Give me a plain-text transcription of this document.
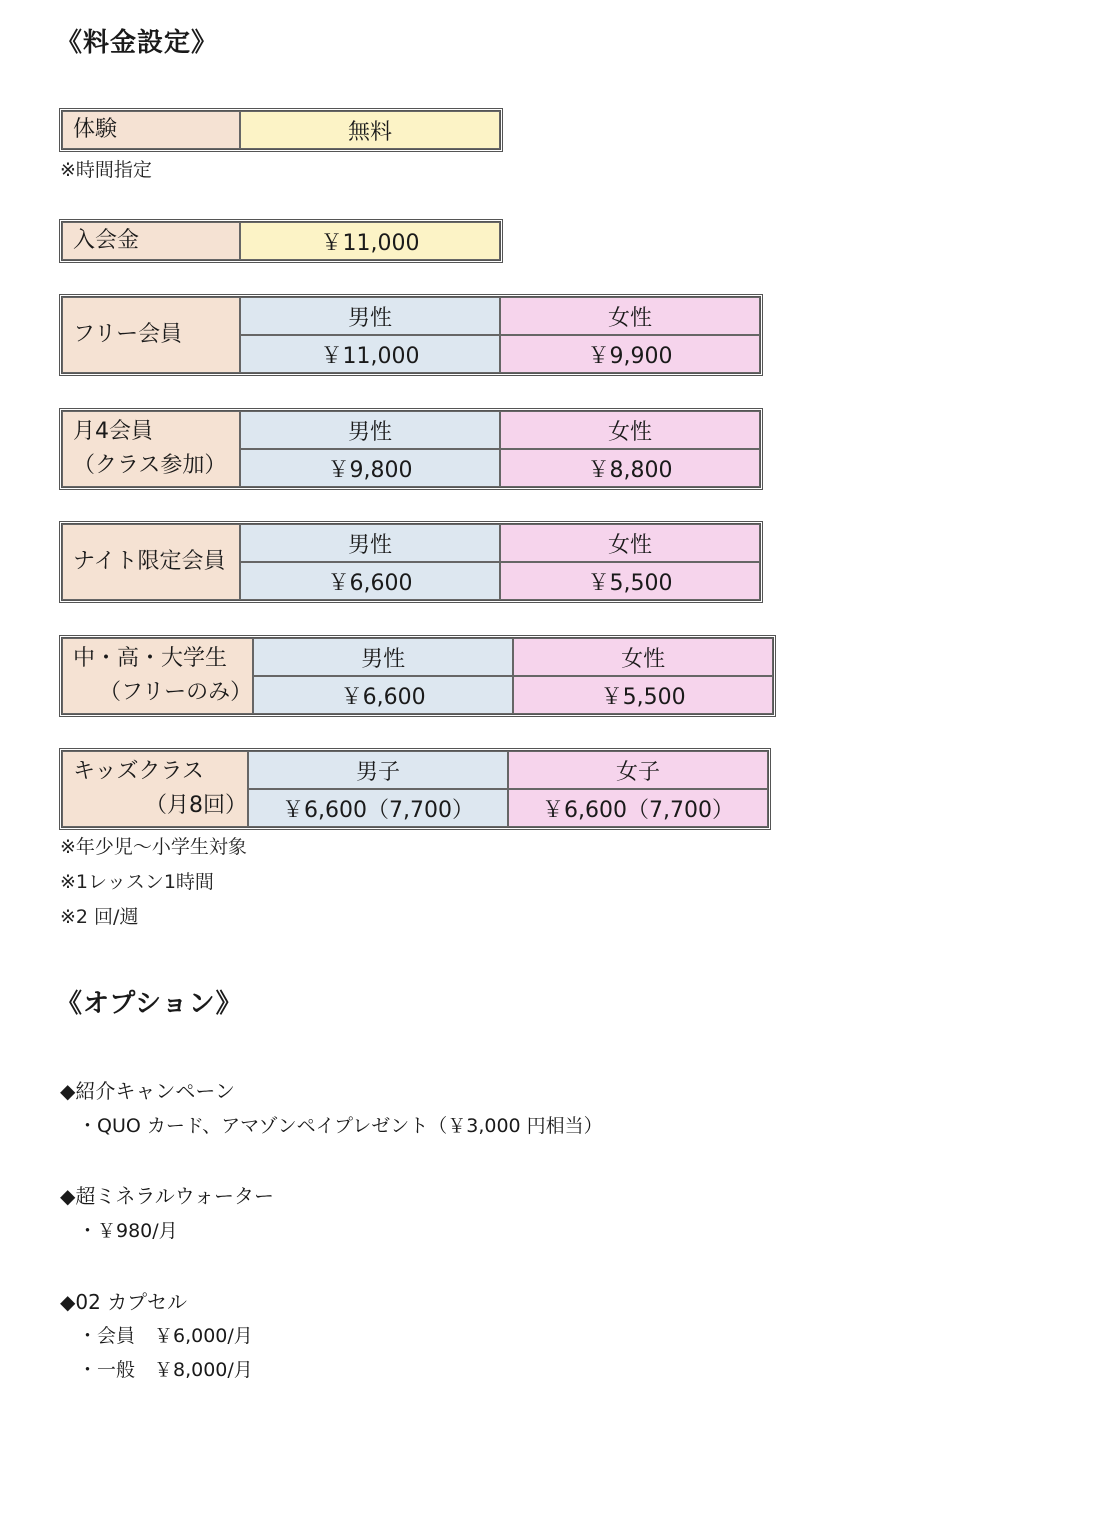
《料金設定》
体験	無料
※時間指定
入会金	￥11,000
フリー会員	男性	女性
	￥11,000	￥9,900
月4会員
（クラス参加）	男性	女性
	￥9,800	￥8,800
ナイト限定会員	男性	女性
	￥6,600	￥5,500
中・高・大学生
（フリーのみ）	男性	女性
	￥6,600	￥5,500
キッズクラス
（月8回）	男子	女子
	￥6,600（7,700）	￥6,600（7,700）
※年少児～小学生対象
※1レッスン1時間
※2 回/週
《オプション》
◆紹介キャンペーン
・QUO カード、アマゾンペイプレゼント（￥3,000 円相当）
◆超ミネラルウォーター
・￥980/月
◆02 カプセル
・会員　￥6,000/月
・一般　￥8,000/月
